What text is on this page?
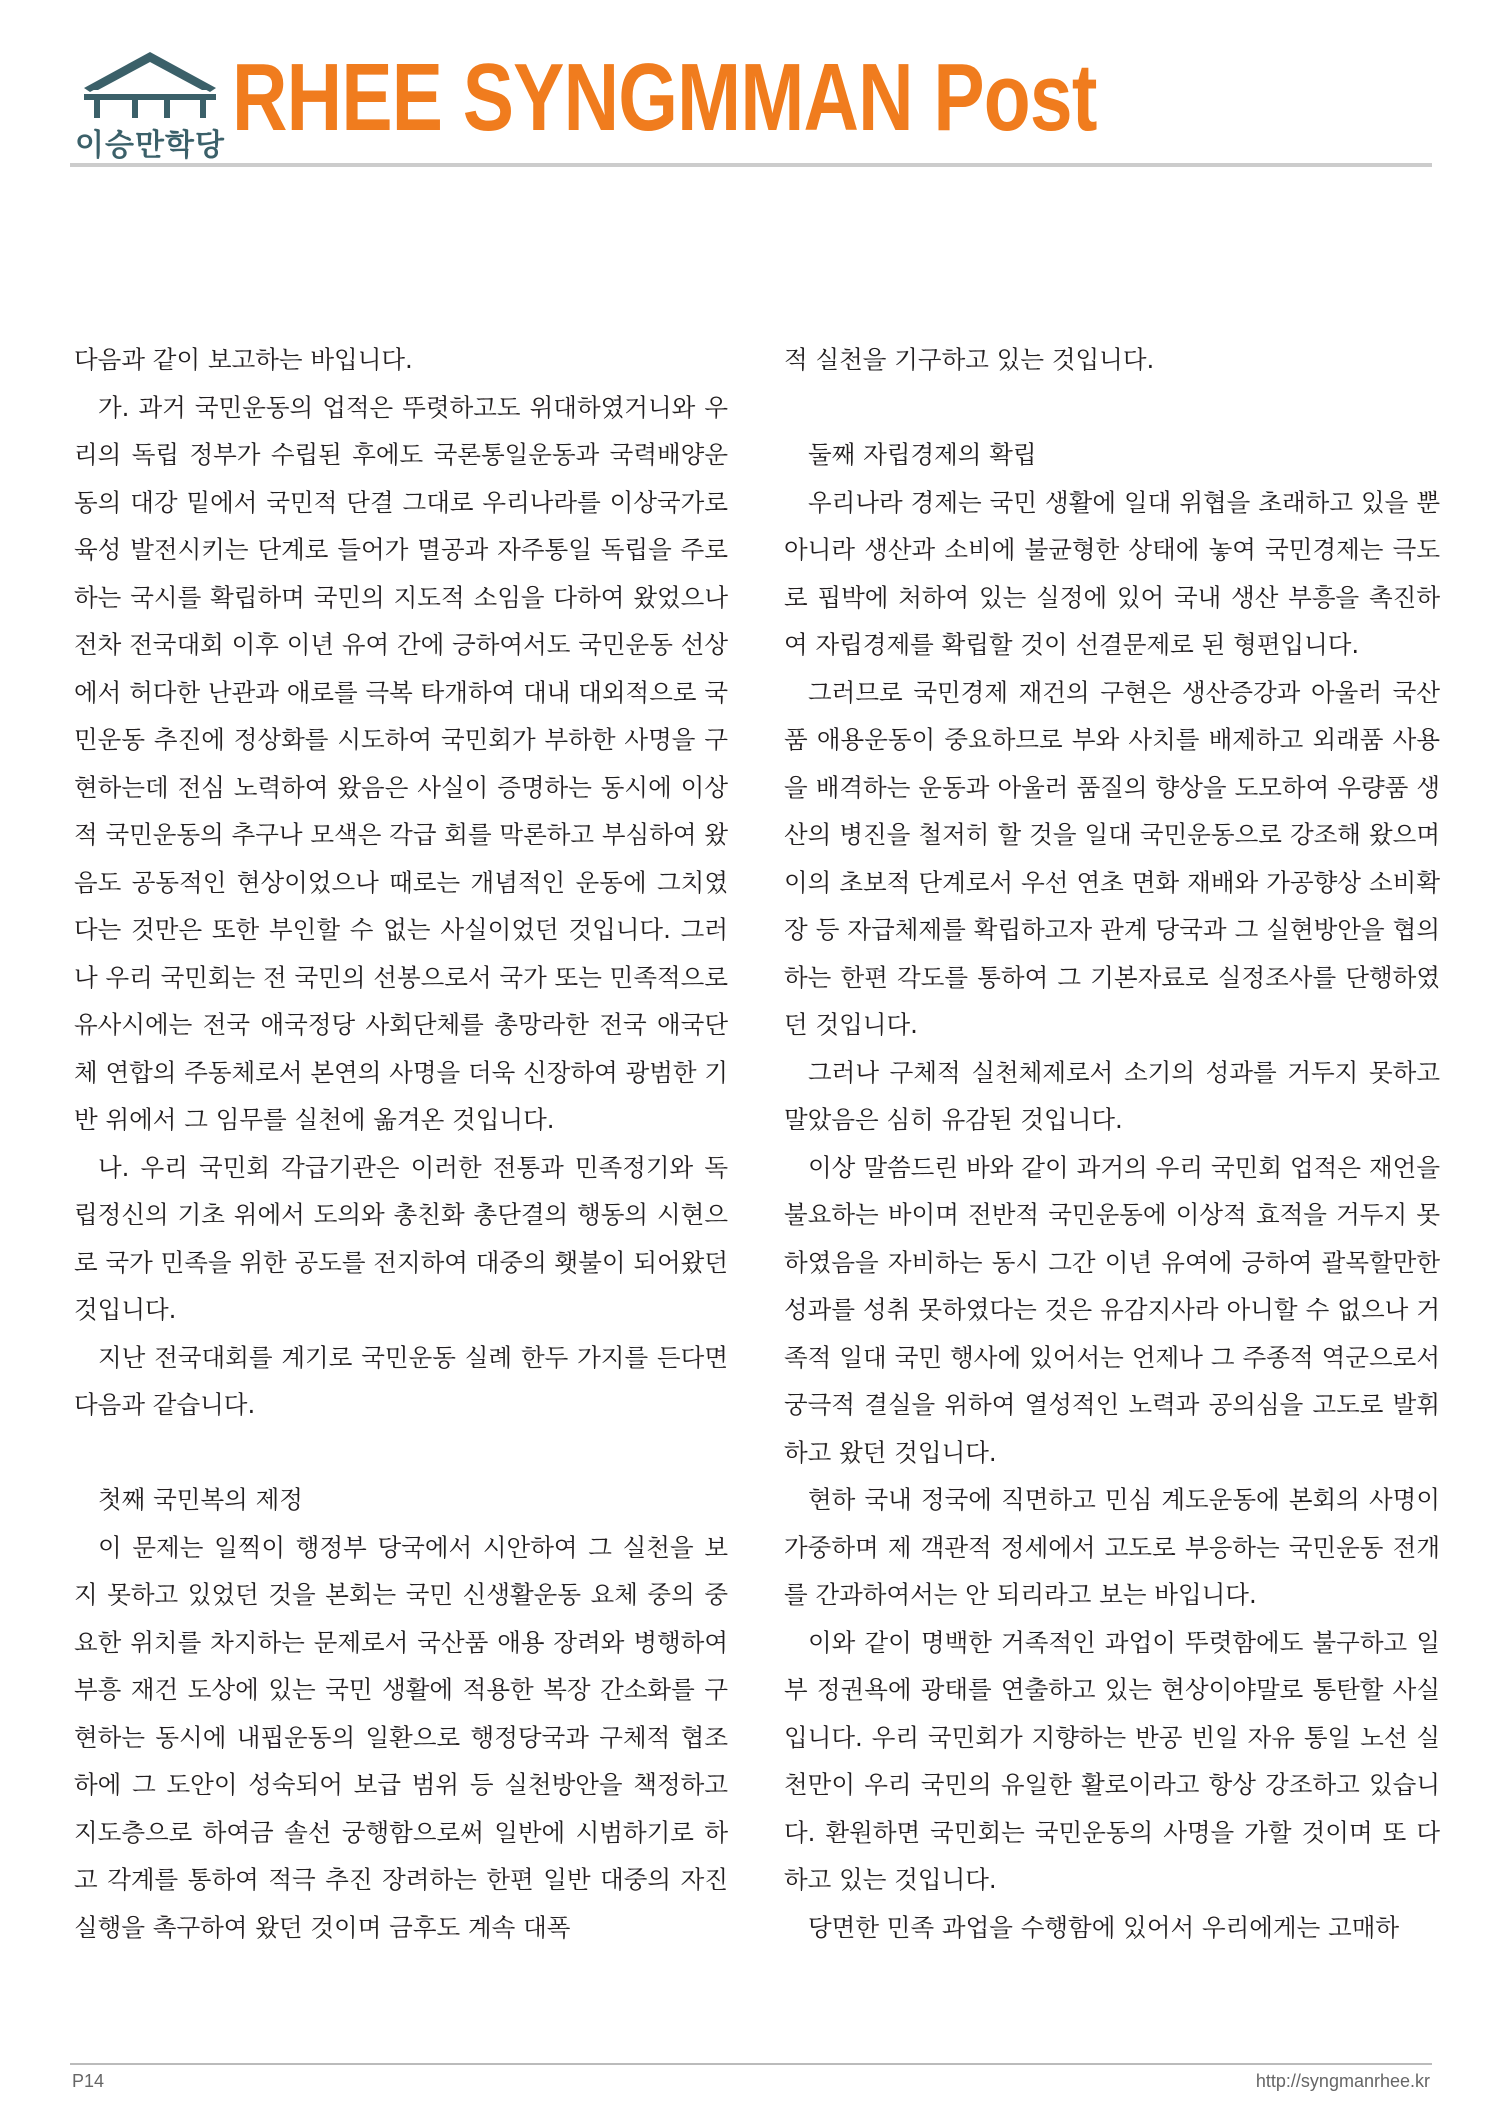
이승만학당 RHEE SYNGMMAN Post

다음과 같이 보고하는 바입니다.

가. 과거 국민운동의 업적은 뚜렷하고도 위대하였거니와 우리의 독립 정부가 수립된 후에도 국론통일운동과 국력배양운동의 대강 밑에서 국민적 단결 그대로 우리나라를 이상국가로 육성 발전시키는 단계로 들어가 멸공과 자주통일 독립을 주로 하는 국시를 확립하며 국민의 지도적 소임을 다하여 왔었으나 전차 전국대회 이후 이년 유여 간에 긍하여서도 국민운동 선상에서 허다한 난관과 애로를 극복 타개하여 대내 대외적으로 국민운동 추진에 정상화를 시도하여 국민회가 부하한 사명을 구현하는데 전심 노력하여 왔음은 사실이 증명하는 동시에 이상적 국민운동의 추구나 모색은 각급 회를 막론하고 부심하여 왔음도 공동적인 현상이었으나 때로는 개념적인 운동에 그치였다는 것만은 또한 부인할 수 없는 사실이었던 것입니다. 그러나 우리 국민회는 전 국민의 선봉으로서 국가 또는 민족적으로 유사시에는 전국 애국정당 사회단체를 총망라한 전국 애국단체 연합의 주동체로서 본연의 사명을 더욱 신장하여 광범한 기반 위에서 그 임무를 실천에 옮겨온 것입니다.

나. 우리 국민회 각급기관은 이러한 전통과 민족정기와 독립정신의 기초 위에서 도의와 총친화 총단결의 행동의 시현으로 국가 민족을 위한 공도를 전지하여 대중의 횃불이 되어왔던 것입니다.

지난 전국대회를 계기로 국민운동 실례 한두 가지를 든다면 다음과 같습니다.

첫째 국민복의 제정

이 문제는 일찍이 행정부 당국에서 시안하여 그 실천을 보지 못하고 있었던 것을 본회는 국민 신생활운동 요체 중의 중요한 위치를 차지하는 문제로서 국산품 애용 장려와 병행하여 부흥 재건 도상에 있는 국민 생활에 적용한 복장 간소화를 구현하는 동시에 내핍운동의 일환으로 행정당국과 구체적 협조하에 그 도안이 성숙되어 보급 범위 등 실천방안을 책정하고 지도층으로 하여금 솔선 궁행함으로써 일반에 시범하기로 하고 각계를 통하여 적극 추진 장려하는 한편 일반 대중의 자진 실행을 촉구하여 왔던 것이며 금후도 계속 대폭

적 실천을 기구하고 있는 것입니다.

둘째 자립경제의 확립

우리나라 경제는 국민 생활에 일대 위협을 초래하고 있을 뿐 아니라 생산과 소비에 불균형한 상태에 놓여 국민경제는 극도로 핍박에 처하여 있는 실정에 있어 국내 생산 부흥을 촉진하여 자립경제를 확립할 것이 선결문제로 된 형편입니다.

그러므로 국민경제 재건의 구현은 생산증강과 아울러 국산품 애용운동이 중요하므로 부와 사치를 배제하고 외래품 사용을 배격하는 운동과 아울러 품질의 향상을 도모하여 우량품 생산의 병진을 철저히 할 것을 일대 국민운동으로 강조해 왔으며 이의 초보적 단계로서 우선 연초 면화 재배와 가공향상 소비확장 등 자급체제를 확립하고자 관계 당국과 그 실현방안을 협의하는 한편 각도를 통하여 그 기본자료로 실정조사를 단행하였던 것입니다.

그러나 구체적 실천체제로서 소기의 성과를 거두지 못하고 말았음은 심히 유감된 것입니다.

이상 말씀드린 바와 같이 과거의 우리 국민회 업적은 재언을 불요하는 바이며 전반적 국민운동에 이상적 효적을 거두지 못하였음을 자비하는 동시 그간 이년 유여에 긍하여 괄목할만한 성과를 성취 못하였다는 것은 유감지사라 아니할 수 없으나 거족적 일대 국민 행사에 있어서는 언제나 그 주종적 역군으로서 궁극적 결실을 위하여 열성적인 노력과 공의심을 고도로 발휘하고 왔던 것입니다.

현하 국내 정국에 직면하고 민심 계도운동에 본회의 사명이 가중하며 제 객관적 정세에서 고도로 부응하는 국민운동 전개를 간과하여서는 안 되리라고 보는 바입니다.

이와 같이 명백한 거족적인 과업이 뚜렷함에도 불구하고 일부 정권욕에 광태를 연출하고 있는 현상이야말로 통탄할 사실입니다. 우리 국민회가 지향하는 반공 빈일 자유 통일 노선 실천만이 우리 국민의 유일한 활로이라고 항상 강조하고 있습니다. 환원하면 국민회는 국민운동의 사명을 가할 것이며 또 다하고 있는 것입니다.

당면한 민족 과업을 수행함에 있어서 우리에게는 고매하

P14	http://syngmanrhee.kr
